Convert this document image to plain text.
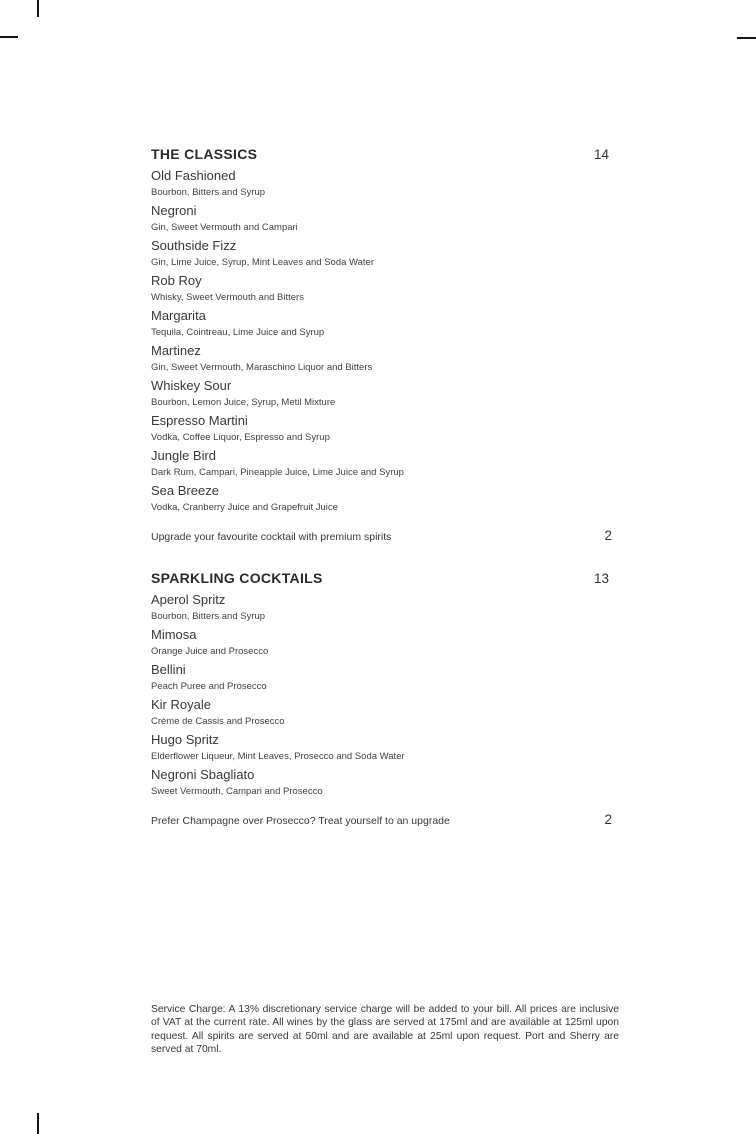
THE CLASSICS	14
Old Fashioned
Bourbon, Bitters and Syrup
Negroni
Gin, Sweet Vermouth and Campari
Southside Fizz
Gin, Lime Juice, Syrup, Mint Leaves and Soda Water
Rob Roy
Whisky, Sweet Vermouth and Bitters
Margarita
Tequila, Cointreau, Lime Juice and Syrup
Martinez
Gin, Sweet Vermouth, Maraschino Liquor and Bitters
Whiskey Sour
Bourbon, Lemon Juice, Syrup, Metil Mixture
Espresso Martini
Vodka, Coffee Liquor, Espresso and Syrup
Jungle Bird
Dark Rum, Campari, Pineapple Juice, Lime Juice and Syrup
Sea Breeze
Vodka, Cranberry Juice and Grapefruit Juice
Upgrade your favourite cocktail with premium spirits	2
SPARKLING COCKTAILS	13
Aperol Spritz
Bourbon, Bitters and Syrup
Mimosa
Orange Juice and Prosecco
Bellini
Peach Puree and Prosecco
Kir Royale
Crème de Cassis and Prosecco
Hugo Spritz
Elderflower Liqueur, Mint Leaves, Prosecco and Soda Water
Negroni Sbagliato
Sweet Vermouth, Campari and Prosecco
Prefer Champagne over Prosecco? Treat yourself to an upgrade	2

Service Charge: A 13% discretionary service charge will be added to your bill. All prices are inclusive of VAT at the current rate. All wines by the glass are served at 175ml and are available at 125ml upon request. All spirits are served at 50ml and are available at 25ml upon request. Port and Sherry are served at 70ml.
